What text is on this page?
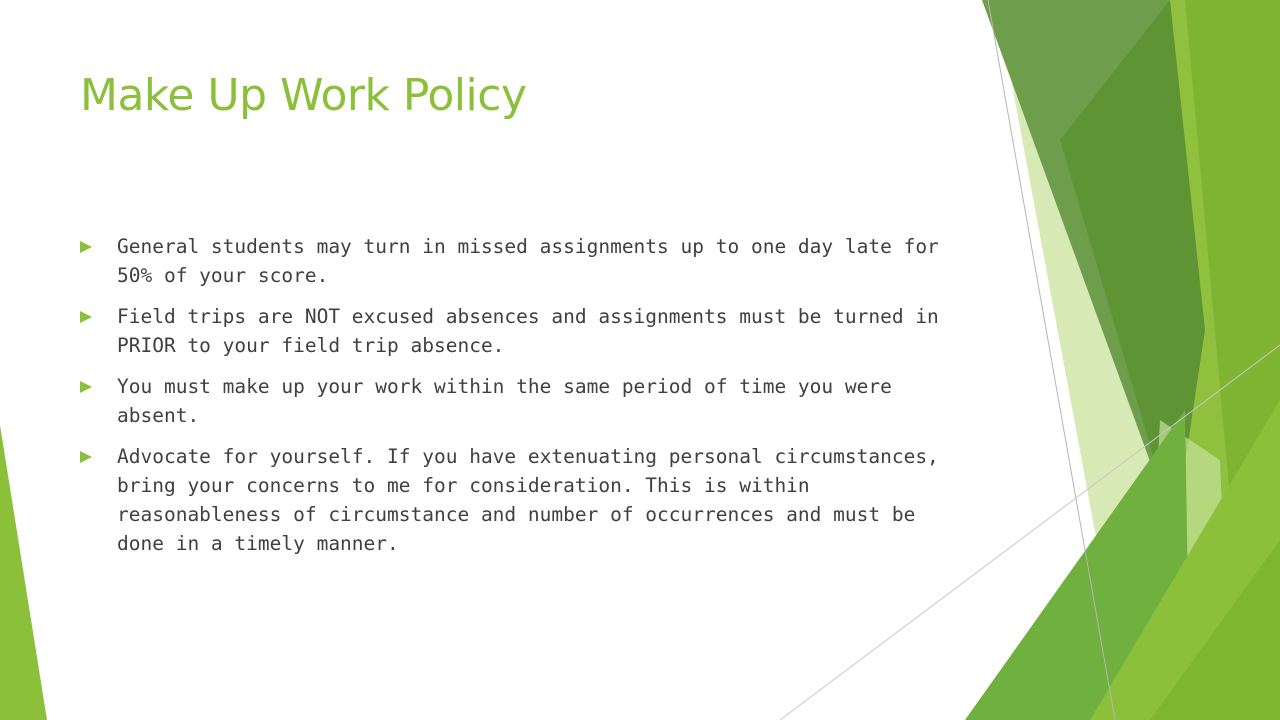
Make Up Work Policy
General students may turn in missed assignments up to one day late for 50% of your score.
Field trips are NOT excused absences and assignments must be turned in PRIOR to your field trip absence.
You must make up your work within the same period of time you were absent.
Advocate for yourself. If you have extenuating personal circumstances, bring your concerns to me for consideration. This is within reasonableness of circumstance and number of occurrences and must be done in a timely manner.
